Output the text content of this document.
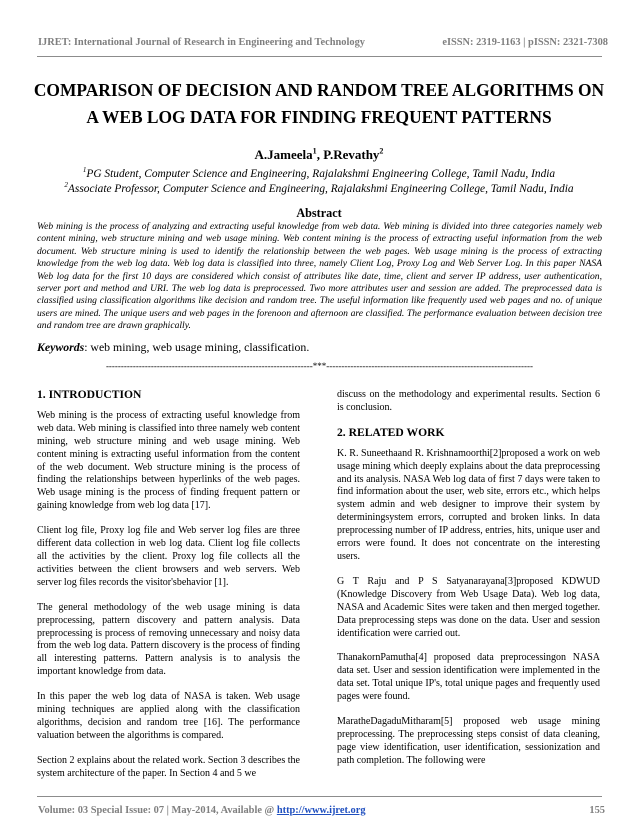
IJRET: International Journal of Research in Engineering and Technology	eISSN: 2319-1163 | pISSN: 2321-7308
COMPARISON OF DECISION AND RANDOM TREE ALGORITHMS ON
A WEB LOG DATA FOR FINDING FREQUENT PATTERNS
A.Jameela$^1$, P.Revathy$^2$
$^1$PG Student, Computer Science and Engineering, Rajalakshmi Engineering College, Tamil Nadu, India
$^2$Associate Professor, Computer Science and Engineering, Rajalakshmi Engineering College, Tamil Nadu, India
Abstract
Web mining is the process of analyzing and extracting useful knowledge from web data. Web mining is divided into three categories namely web content mining, web structure mining and web usage mining. Web content mining is the process of extracting useful information from the web document. Web structure mining is used to identify the relationship between the web pages. Web usage mining is the process of extracting knowledge from the web log data. Web log data is classified into three, namely Client Log, Proxy Log and Web Server Log. In this paper NASA Web log data for the first 10 days are considered which consist of attributes like date, time, client and server IP address, user authentication, server port and method and URI. The web log data is preprocessed. Two more attributes user and session are added. The preprocessed data is classified using classification algorithms like decision and random tree. The useful information like frequently used web pages and no. of unique users are mined. The unique users and web pages in the forenoon and afternoon are classified. The performance evaluation between decision tree and random tree are drawn graphically.
Keywords: web mining, web usage mining, classification.
---------------------------------------------------------------------***---------------------------------------------------------------------
1. INTRODUCTION

Web mining is the process of extracting useful knowledge from web data. Web mining is classified into three namely web content mining, web structure mining and web usage mining. Web content mining is extracting useful information from the content of the web document. Web structure mining is the process of finding the relationships between hyperlinks of the web pages. Web usage mining is the process of finding frequent pattern or gaining knowledge from web log data [17].

Client log file, Proxy log file and Web server log files are three different data collection in web log data. Client log file collects all the activities by the client. Proxy log file collects all the activities between the client browsers and web servers. Web server log files records the visitor'sbehavior [1].

The general methodology of the web usage mining is data preprocessing, pattern discovery and pattern analysis. Data preprocessing is process of removing unnecessary and noisy data from the web log data. Pattern discovery is the process of finding all interesting patterns. Pattern analysis is to analysis the important knowledge from data.

In this paper the web log data of NASA is taken. Web usage mining techniques are applied along with the classification algorithms, decision and random tree [16]. The performance valuation between the algorithms is compared.

Section 2 explains about the related work. Section 3 describes the system architecture of the paper. In Section 4 and 5 we

discuss on the methodology and experimental results. Section 6 is conclusion.

2. RELATED WORK

K. R. Suneethaand R. Krishnamoorthi[2]proposed a work on web usage mining which deeply explains about the data preprocessing and its analysis. NASA Web log data of first 7 days were taken to find information about the user, web site, errors etc., which helps system admin and web designer to improve their system by determiningsystem errors, corrupted and broken links. In data preprocessing number of IP address, entries, hits, unique user and errors were found. It does not concentrate on the interesting users.

G T Raju and P S Satyanarayana[3]proposed KDWUD (Knowledge Discovery from Web Usage Data). Web log data, NASA and Academic Sites were taken and then merged together. Data preprocessing steps was done on the data. User and session identification were carried out.

ThanakornPamutha[4] proposed data preprocessingon NASA data set. User and session identification were implemented in the data set. Total unique IP's, total unique pages and frequently used pages were found.

MaratheDagaduMitharam[5] proposed web usage mining preprocessing. The preprocessing steps consist of data cleaning, page view identification, user identification, sessionization and path completion. The following were

Volume: 03 Special Issue: 07 | May-2014, Available @ http://www.ijret.org	155
